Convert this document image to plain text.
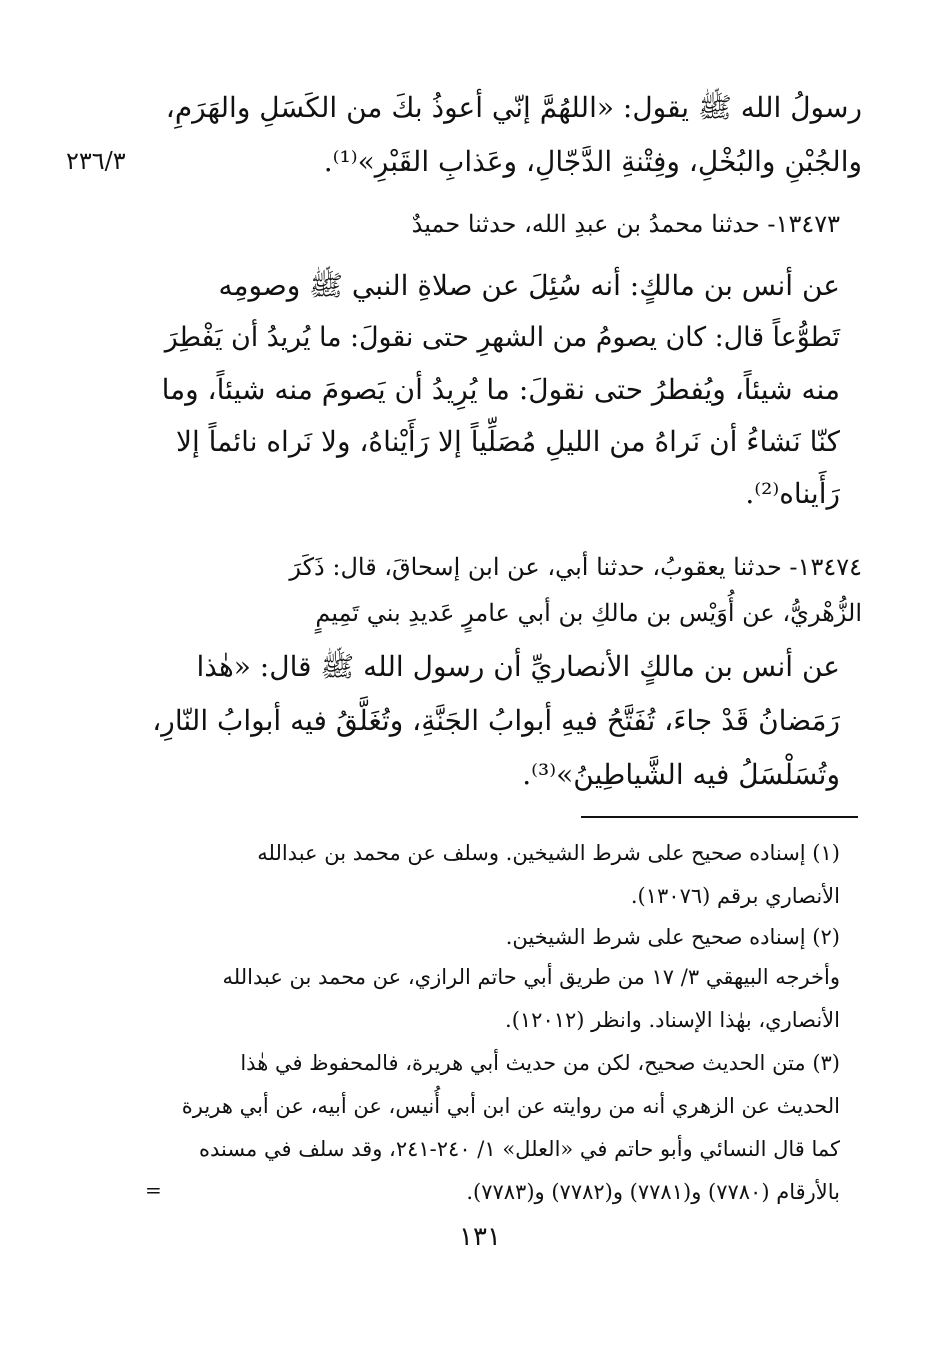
٢٣٦/٣
رسولُ الله ﷺ يقول: «اللهُمَّ إنّي أعوذُ بكَ من الكَسَلِ والهَرَمِ،
والجُبْنِ والبُخْلِ، وفِتْنةِ الدَّجّالِ، وعَذابِ القَبْرِ»⁽¹⁾.
١٣٤٧٣- حدثنا محمدُ بن عبدِ الله، حدثنا حميدٌ
عن أنس بن مالكٍ: أنه سُئِلَ عن صلاةِ النبي ﷺ وصومِه
تَطوُّعاً قال: كان يصومُ من الشهرِ حتى نقولَ: ما يُريدُ أن يَفْطِرَ
منه شيئاً، ويُفطرُ حتى نقولَ: ما يُرِيدُ أن يَصومَ منه شيئاً، وما
كنّا نَشاءُ أن نَراهُ من الليلِ مُصَلِّياً إلا رَأَيْناهُ، ولا نَراه نائماً إلا
رَأَيناه⁽²⁾.
١٣٤٧٤- حدثنا يعقوبُ، حدثنا أبي، عن ابن إسحاقَ، قال: ذَكَرَ
الزُّهْريُّ، عن أُوَيْس بن مالكِ بن أبي عامرٍ عَديدِ بني تَمِيمٍ
عن أنس بن مالكٍ الأنصاريِّ أن رسول الله ﷺ قال: «هٰذا
رَمَضانُ قَدْ جاءَ، تُفَتَّحُ فيهِ أبوابُ الجَنَّةِ، وتُغَلَّقُ فيه أبوابُ النّارِ،
وتُسَلْسَلُ فيه الشَّياطِينُ»⁽³⁾.
(١) إسناده صحيح على شرط الشيخين. وسلف عن محمد بن عبدالله
الأنصاري برقم (١٣٠٧٦).
(٢) إسناده صحيح على شرط الشيخين.
وأخرجه البيهقي ٣/ ١٧ من طريق أبي حاتم الرازي، عن محمد بن عبدالله
الأنصاري، بهٰذا الإسناد. وانظر (١٢٠١٢).
(٣) متن الحديث صحيح، لكن من حديث أبي هريرة، فالمحفوظ في هٰذا
الحديث عن الزهري أنه من روايته عن ابن أبي أُنيس، عن أبيه، عن أبي هريرة
كما قال النسائي وأبو حاتم في «العلل» ١/ ٢٤٠-٢٤١، وقد سلف في مسنده
بالأرقام (٧٧٨٠) و(٧٧٨١) و(٧٧٨٢) و(٧٧٨٣).
=
١٣١
